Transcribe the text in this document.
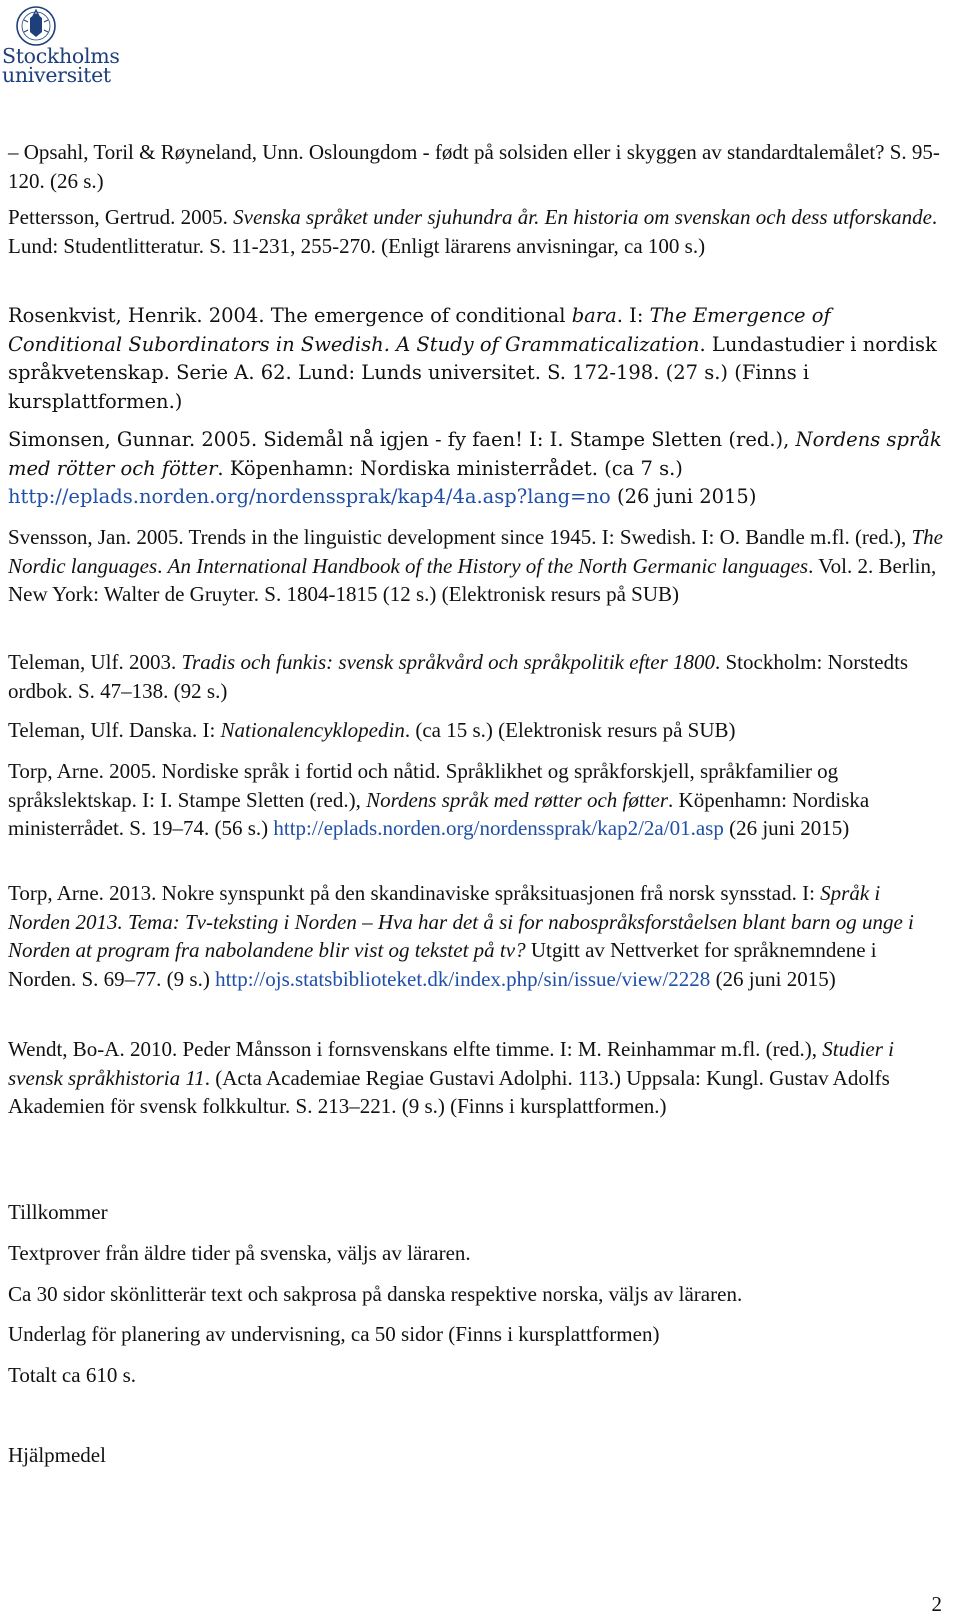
Stockholms
universitet

– Opsahl, Toril & Røyneland, Unn. Osloungdom - født på solsiden eller i skyggen av standardtalemålet? S. 95-120. (26 s.)

Pettersson, Gertrud. 2005. Svenska språket under sjuhundra år. En historia om svenskan och dess utforskande. Lund: Studentlitteratur. S. 11-231, 255-270. (Enligt lärarens anvisningar, ca 100 s.)

Rosenkvist, Henrik. 2004. The emergence of conditional bara. I: The Emergence of Conditional Subordinators in Swedish. A Study of Grammaticalization. Lundastudier i nordisk språkvetenskap. Serie A. 62. Lund: Lunds universitet. S. 172-198. (27 s.) (Finns i kursplattformen.)

Simonsen, Gunnar. 2005. Sidemål nå igjen - fy faen! I: I. Stampe Sletten (red.), Nordens språk med rötter och fötter. Köpenhamn: Nordiska ministerrådet. (ca 7 s.) http://eplads.norden.org/nordenssprak/kap4/4a.asp?lang=no (26 juni 2015)

Svensson, Jan. 2005. Trends in the linguistic development since 1945. I: Swedish. I: O. Bandle m.fl. (red.), The Nordic languages. An International Handbook of the History of the North Germanic languages. Vol. 2. Berlin, New York: Walter de Gruyter. S. 1804-1815 (12 s.) (Elektronisk resurs på SUB)

Teleman, Ulf. 2003. Tradis och funkis: svensk språkvård och språkpolitik efter 1800. Stockholm: Norstedts ordbok. S. 47–138. (92 s.)

Teleman, Ulf. Danska. I: Nationalencyklopedin. (ca 15 s.) (Elektronisk resurs på SUB)

Torp, Arne. 2005. Nordiske språk i fortid och nåtid. Språklikhet og språkforskjell, språkfamilier og språkslektskap. I: I. Stampe Sletten (red.), Nordens språk med røtter och føtter. Köpenhamn: Nordiska ministerrådet. S. 19–74. (56 s.) http://eplads.norden.org/nordenssprak/kap2/2a/01.asp (26 juni 2015)

Torp, Arne. 2013. Nokre synspunkt på den skandinaviske språksituasjonen frå norsk synsstad. I: Språk i Norden 2013. Tema: Tv-teksting i Norden – Hva har det å si for nabospråksforståelsen blant barn og unge i Norden at program fra nabolandene blir vist og tekstet på tv? Utgitt av Nettverket for språknemndene i Norden. S. 69–77. (9 s.) http://ojs.statsbiblioteket.dk/index.php/sin/issue/view/2228 (26 juni 2015)

Wendt, Bo-A. 2010. Peder Månsson i fornsvenskans elfte timme. I: M. Reinhammar m.fl. (red.), Studier i svensk språkhistoria 11. (Acta Academiae Regiae Gustavi Adolphi. 113.) Uppsala: Kungl. Gustav Adolfs Akademien för svensk folkkultur. S. 213–221. (9 s.) (Finns i kursplattformen.)

Tillkommer

Textprover från äldre tider på svenska, väljs av läraren.

Ca 30 sidor skönlitterär text och sakprosa på danska respektive norska, väljs av läraren.

Underlag för planering av undervisning, ca 50 sidor (Finns i kursplattformen)

Totalt ca 610 s.

Hjälpmedel

2
